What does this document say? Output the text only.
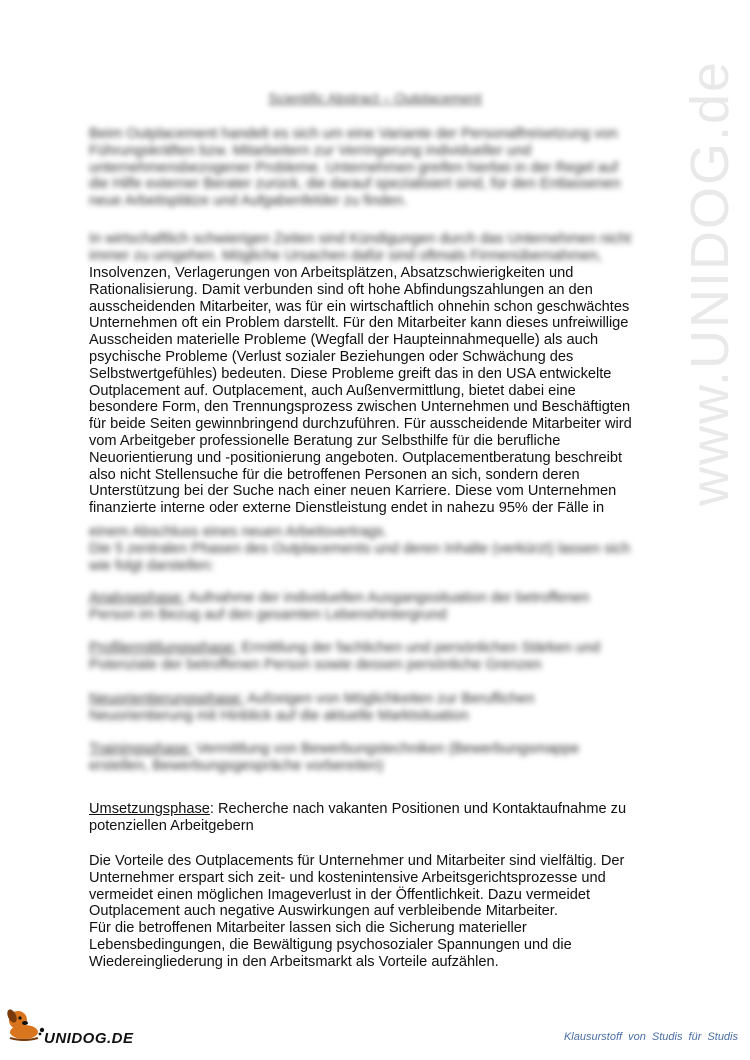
Scientific Abstract – Outplacement
Beim Outplacement handelt es sich um eine Variante der Personalfreisetzung von
Führungskräften bzw. Mitarbeitern zur Verringerung individueller und
unternehmensbezogener Probleme. Unternehmen greifen hierbei in der Regel auf
die Hilfe externer Berater zurück, die darauf spezialisiert sind, für den Entlassenen
neue Arbeitsplätze und Aufgabenfelder zu finden.
In wirtschaftlich schwierigen Zeiten sind Kündigungen durch das Unternehmen nicht
immer zu umgehen. Mögliche Ursachen dafür sind oftmals Firmenübernahmen,
Insolvenzen, Verlagerungen von Arbeitsplätzen, Absatzschwierigkeiten und
Rationalisierung. Damit verbunden sind oft hohe Abfindungszahlungen an den
ausscheidenden Mitarbeiter, was für ein wirtschaftlich ohnehin schon geschwächtes
Unternehmen oft ein Problem darstellt. Für den Mitarbeiter kann dieses unfreiwillige
Ausscheiden materielle Probleme (Wegfall der Haupteinnahmequelle) als auch
psychische Probleme (Verlust sozialer Beziehungen oder Schwächung des
Selbstwertgefühles) bedeuten. Diese Probleme greift das in den USA entwickelte
Outplacement auf. Outplacement, auch Außenvermittlung, bietet dabei eine
besondere Form, den Trennungsprozess zwischen Unternehmen und Beschäftigten
für beide Seiten gewinnbringend durchzuführen. Für ausscheidende Mitarbeiter wird
vom Arbeitgeber professionelle Beratung zur Selbsthilfe für die berufliche
Neuorientierung und -positionierung angeboten. Outplacementberatung beschreibt
also nicht Stellensuche für die betroffenen Personen an sich, sondern deren
Unterstützung bei der Suche nach einer neuen Karriere. Diese vom Unternehmen
finanzierte interne oder externe Dienstleistung endet in nahezu 95% der Fälle in
einem Abschluss eines neuen Arbeitsvertrags.
Die 5 zentralen Phasen des Outplacements und deren Inhalte (verkürzt) lassen sich
wie folgt darstellen:
Analysephase: Aufnahme der individuellen Ausgangssituation der betroffenen
Person im Bezug auf den gesamten Lebenshintergrund
Profilermittlungsphase: Ermittlung der fachlichen und persönlichen Stärken und
Potenziale der betroffenen Person sowie dessen persönliche Grenzen
Neuorientierungsphase: Aufzeigen von Möglichkeiten zur Beruflichen
Neuorientierung mit Hinblick auf die aktuelle Marktsituation
Trainingsphase: Vermittlung von Bewerbungstechniken (Bewerbungsmappe
erstellen, Bewerbungsgespräche vorbereiten)
Umsetzungsphase: Recherche nach vakanten Positionen und Kontaktaufnahme zu
potenziellen Arbeitgebern
Die Vorteile des Outplacements für Unternehmer und Mitarbeiter sind vielfältig. Der
Unternehmer erspart sich zeit- und kostenintensive Arbeitsgerichtsprozesse und
vermeidet einen möglichen Imageverlust in der Öffentlichkeit. Dazu vermeidet
Outplacement auch negative Auswirkungen auf verbleibende Mitarbeiter.
Für die betroffenen Mitarbeiter lassen sich die Sicherung materieller
Lebensbedingungen, die Bewältigung psychosozialer Spannungen und die
Wiedereingliederung in den Arbeitsmarkt als Vorteile aufzählen.
www.UNIDOG.de
UNIDOG.DE	Klausurstoff von Studis für Studis
